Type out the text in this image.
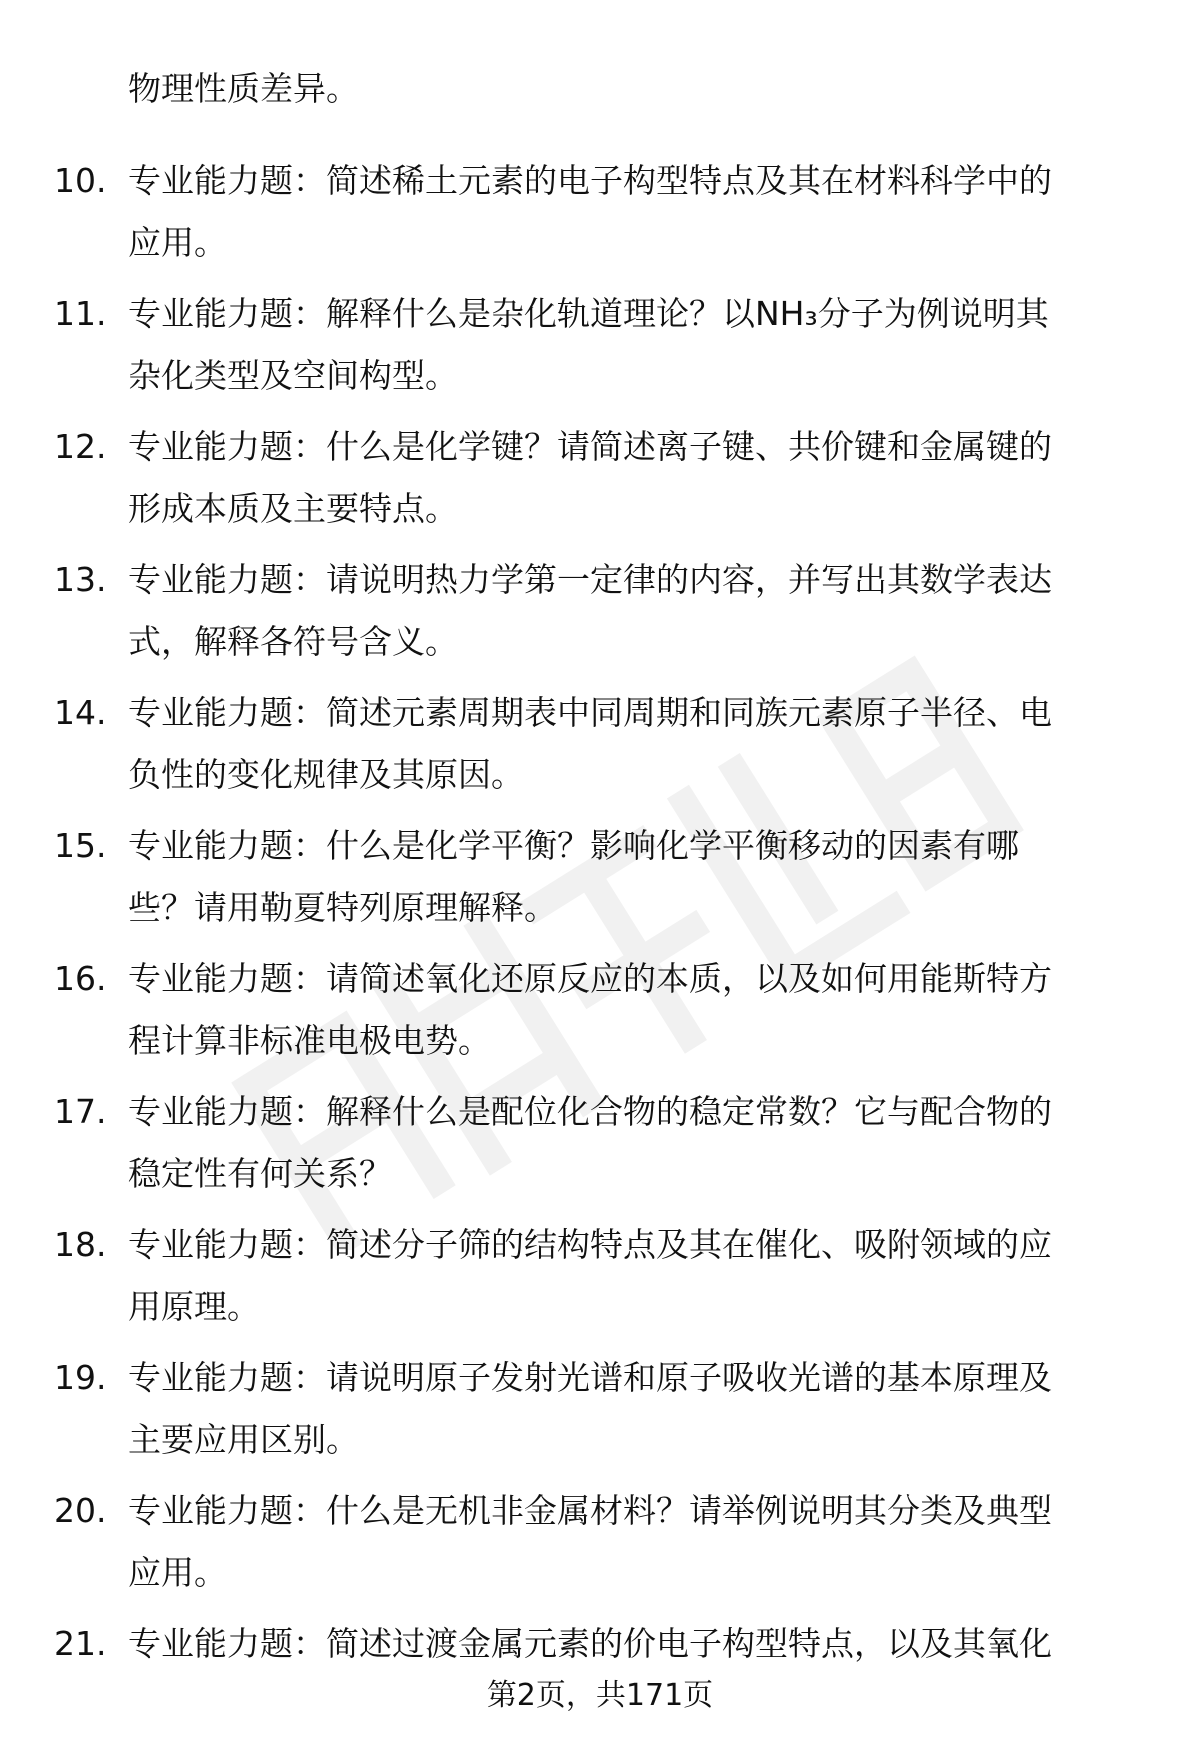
物理性质差异。
10. 专业能力题：简述稀土元素的电子构型特点及其在材料科学中的
应用。
11. 专业能力题：解释什么是杂化轨道理论？以NH₃分子为例说明其
杂化类型及空间构型。
12. 专业能力题：什么是化学键？请简述离子键、共价键和金属键的
形成本质及主要特点。
13. 专业能力题：请说明热力学第一定律的内容，并写出其数学表达
式，解释各符号含义。
14. 专业能力题：简述元素周期表中同周期和同族元素原子半径、电
负性的变化规律及其原因。
15. 专业能力题：什么是化学平衡？影响化学平衡移动的因素有哪
些？请用勒夏特列原理解释。
16. 专业能力题：请简述氧化还原反应的本质，以及如何用能斯特方
程计算非标准电极电势。
17. 专业能力题：解释什么是配位化合物的稳定常数？它与配合物的
稳定性有何关系？
18. 专业能力题：简述分子筛的结构特点及其在催化、吸附领域的应
用原理。
19. 专业能力题：请说明原子发射光谱和原子吸收光谱的基本原理及
主要应用区别。
20. 专业能力题：什么是无机非金属材料？请举例说明其分类及典型
应用。
21. 专业能力题：简述过渡金属元素的价电子构型特点，以及其氧化
第2页，共171页
